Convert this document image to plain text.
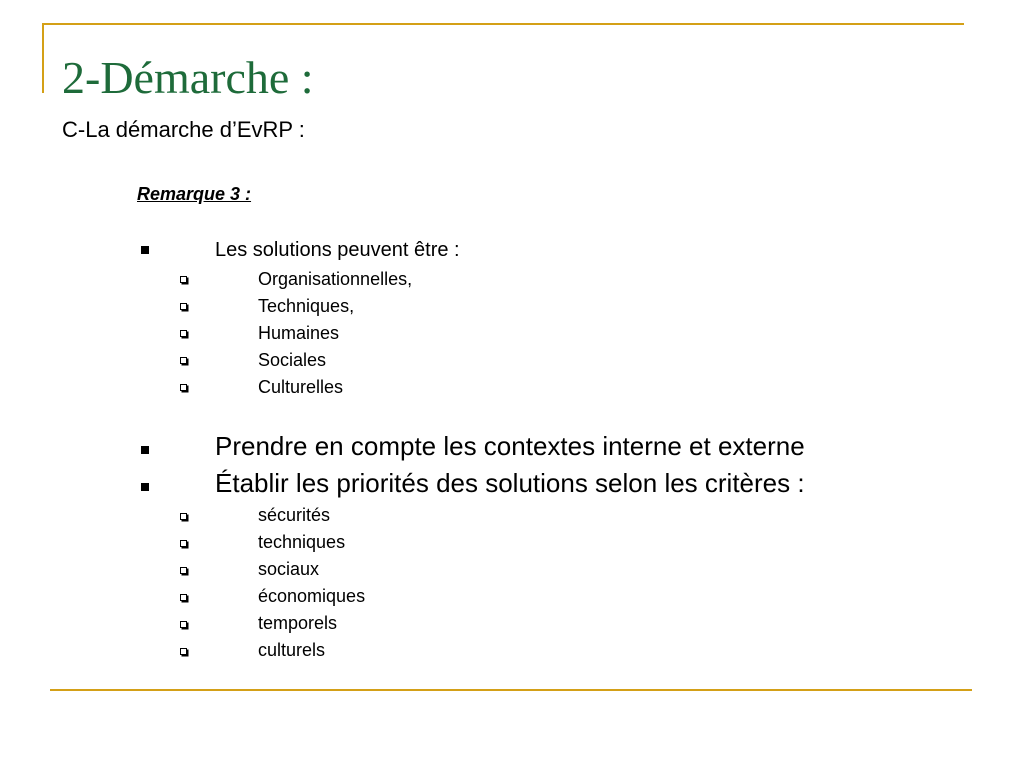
2-Démarche :
C-La démarche d’EvRP :
Remarque 3 :
Les solutions peuvent être :
Organisationnelles,
Techniques,
Humaines
Sociales
Culturelles
Prendre en compte les contextes interne et externe
Établir les priorités des solutions selon les critères :
sécurités
techniques
sociaux
économiques
temporels
culturels
